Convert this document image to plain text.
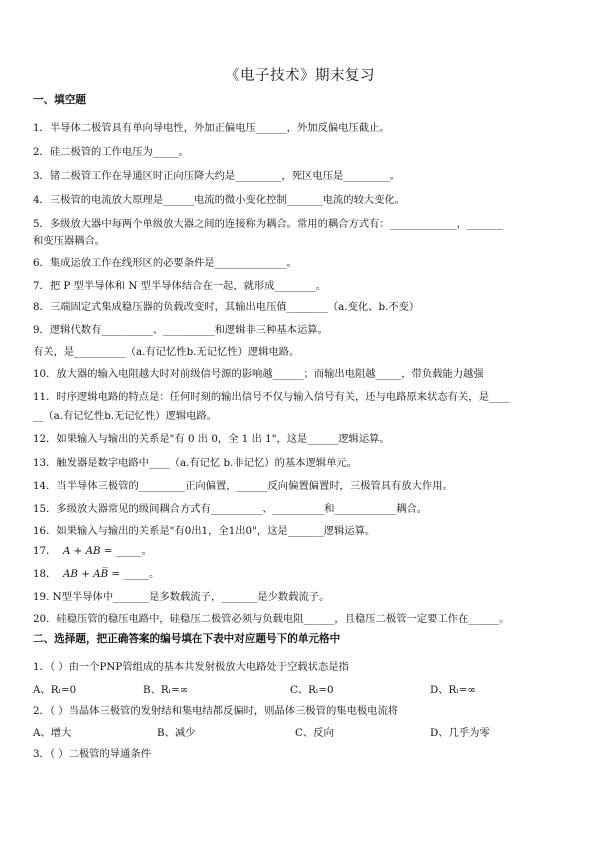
《电子技术》期末复习
一、填空题
1．半导体二极管具有单向导电性，外加正偏电压______，外加反偏电压截止。
2．硅二极管的工作电压为_____。
3．锗二极管工作在导通区时正向压降大约是_________，死区电压是_________。
4．三极管的电流放大原理是______电流的微小变化控制_______电流的较大变化。
5．多级放大器中每两个单级放大器之间的连接称为耦合。常用的耦合方式有：_____________，_______
和变压器耦合。
6．集成运放工作在线形区的必要条件是______________。
7．把 P 型半导体和 N 型半导体结合在一起，就形成________。
8．三端固定式集成稳压器的负载改变时，其输出电压值________（a.变化、b.不变）
9．逻辑代数有__________、__________和逻辑非三种基本运算。
有关，是__________（a.有记忆性b.无记忆性）逻辑电路。
10．放大器的输入电阻越大时对前级信号源的影响越______；而输出电阻越_____，带负载能力越强
11．时序逻辑电路的特点是：任何时刻的输出信号不仅与输入信号有关，还与电路原来状态有关，是____
__（a.有记忆性b.无记忆性）逻辑电路。
12．如果输入与输出的关系是"有 0 出 0，全 1 出 1"，这是______逻辑运算。
13．触发器是数字电路中____（a.有记忆 b.非记忆）的基本逻辑单元。
14．当半导体三极管的_________正向偏置，______反向偏置偏置时，三极管具有放大作用。
15．多级放大器常见的级间耦合方式有__________、__________和____________耦合。
16．如果输入与输出的关系是"有0出1，全1出0"，这是_______逻辑运算。
17． A + AB = _____。
18． AB + AB̅ = _____。
19. N型半导体中_______是多数载流子，_______是少数载流子。
20．硅稳压管的稳压电路中，硅稳压二极管必须与负载电阻______，且稳压二极管一定要工作在______。
二、选择题，把正确答案的编号填在下表中对应题号下的单元格中
1．（ ）由一个PNP管组成的基本共发射极放大电路处于空载状态是指
A、Rₗ=0	B、Rₗ=∞	C、Rₗ=0	D、Rₗ=∞
2．（ ）当晶体三极管的发射结和集电结都反偏时，则晶体三极管的集电极电流将
A、增大	B、减少	C、反向	D、几乎为零
3．（ ）二极管的导通条件
